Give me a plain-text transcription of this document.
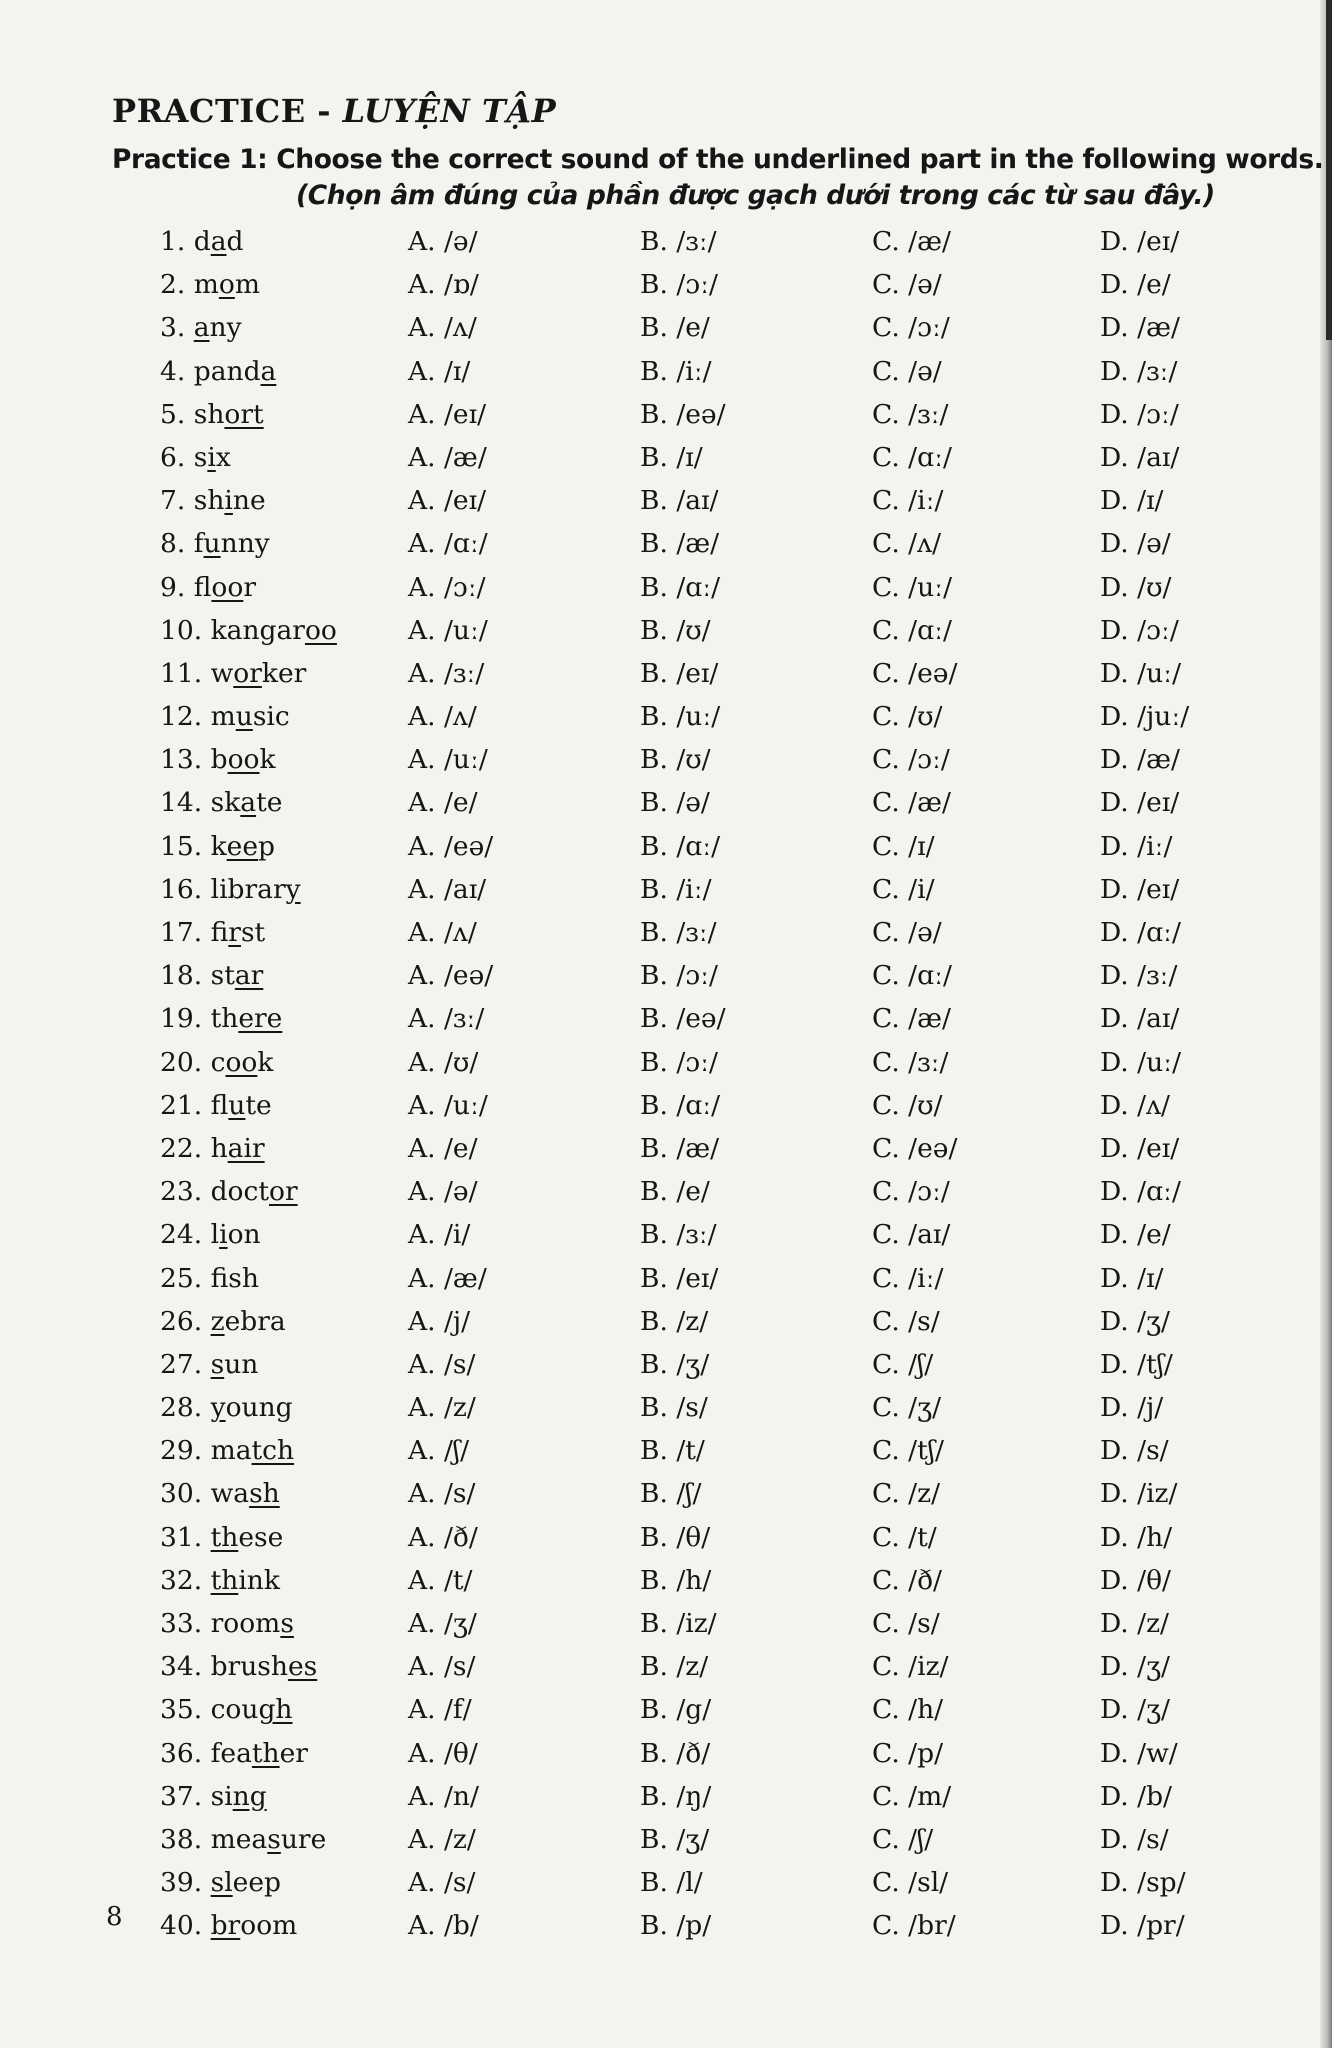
PRACTICE - LUYỆN TẬP
Practice 1: Choose the correct sound of the underlined part in the following words.
(Chọn âm đúng của phần được gạch dưới trong các từ sau đây.)
1. dad	A. /ə/	B. /ɜː/	C. /æ/	D. /eɪ/
2. mom	A. /ɒ/	B. /ɔː/	C. /ə/	D. /e/
3. any	A. /ʌ/	B. /e/	C. /ɔː/	D. /æ/
4. panda	A. /ɪ/	B. /iː/	C. /ə/	D. /ɜː/
5. short	A. /eɪ/	B. /eə/	C. /ɜː/	D. /ɔː/
6. six	A. /æ/	B. /ɪ/	C. /ɑː/	D. /aɪ/
7. shine	A. /eɪ/	B. /aɪ/	C. /iː/	D. /ɪ/
8. funny	A. /ɑː/	B. /æ/	C. /ʌ/	D. /ə/
9. floor	A. /ɔː/	B. /ɑː/	C. /uː/	D. /ʊ/
10. kangaroo	A. /uː/	B. /ʊ/	C. /ɑː/	D. /ɔː/
11. worker	A. /ɜː/	B. /eɪ/	C. /eə/	D. /uː/
12. music	A. /ʌ/	B. /uː/	C. /ʊ/	D. /juː/
13. book	A. /uː/	B. /ʊ/	C. /ɔː/	D. /æ/
14. skate	A. /e/	B. /ə/	C. /æ/	D. /eɪ/
15. keep	A. /eə/	B. /ɑː/	C. /ɪ/	D. /iː/
16. library	A. /aɪ/	B. /iː/	C. /i/	D. /eɪ/
17. first	A. /ʌ/	B. /ɜː/	C. /ə/	D. /ɑː/
18. star	A. /eə/	B. /ɔː/	C. /ɑː/	D. /ɜː/
19. there	A. /ɜː/	B. /eə/	C. /æ/	D. /aɪ/
20. cook	A. /ʊ/	B. /ɔː/	C. /ɜː/	D. /uː/
21. flute	A. /uː/	B. /ɑː/	C. /ʊ/	D. /ʌ/
22. hair	A. /e/	B. /æ/	C. /eə/	D. /eɪ/
23. doctor	A. /ə/	B. /e/	C. /ɔː/	D. /ɑː/
24. lion	A. /i/	B. /ɜː/	C. /aɪ/	D. /e/
25. fsh	A. /æ/	B. /eɪ/	C. /iː/	D. /ɪ/
26. zebra	A. /j/	B. /z/	C. /s/	D. /ʒ/
27. sun	A. /s/	B. /ʒ/	C. /ʃ/	D. /tʃ/
28. young	A. /z/	B. /s/	C. /ʒ/	D. /j/
29. match	A. /ʃ/	B. /t/	C. /tʃ/	D. /s/
30. wash	A. /s/	B. /ʃ/	C. /z/	D. /iz/
31. these	A. /ð/	B. /θ/	C. /t/	D. /h/
32. think	A. /t/	B. /h/	C. /ð/	D. /θ/
33. rooms	A. /ʒ/	B. /iz/	C. /s/	D. /z/
34. brushes	A. /s/	B. /z/	C. /iz/	D. /ʒ/
35. cough	A. /f/	B. /g/	C. /h/	D. /ʒ/
36. feather	A. /θ/	B. /ð/	C. /p/	D. /w/
37. sing	A. /n/	B. /ŋ/	C. /m/	D. /b/
38. measure	A. /z/	B. /ʒ/	C. /ʃ/	D. /s/
39. sleep	A. /s/	B. /l/	C. /sl/	D. /sp/
40. broom	A. /b/	B. /p/	C. /br/	D. /pr/
8
